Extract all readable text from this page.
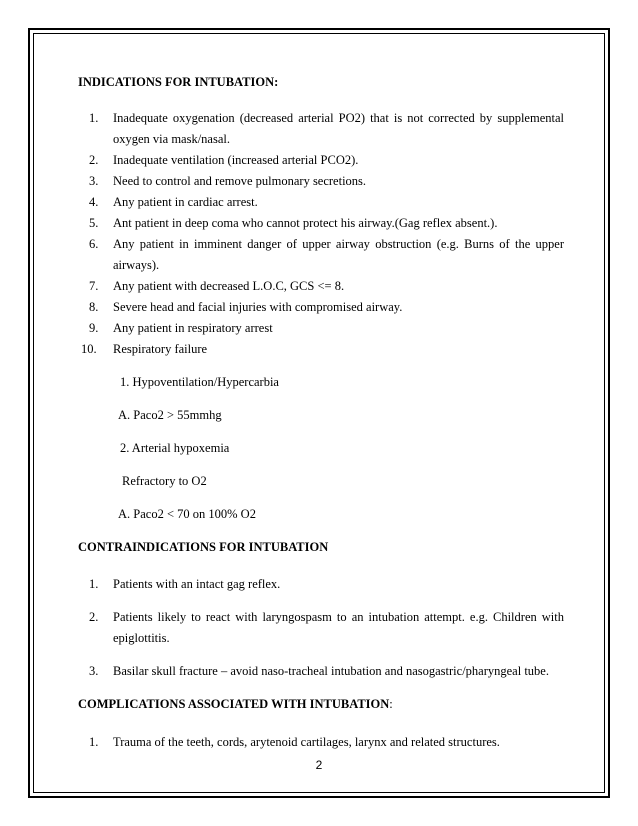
INDICATIONS FOR INTUBATION:
1. Inadequate oxygenation (decreased arterial PO2) that is not corrected by supplemental oxygen via mask/nasal.
2. Inadequate ventilation (increased arterial PCO2).
3. Need to control and remove pulmonary secretions.
4. Any patient in cardiac arrest.
5. Ant patient in deep coma who cannot protect his airway.(Gag reflex absent.).
6. Any patient in imminent danger of upper airway obstruction (e.g. Burns of the upper airways).
7. Any patient with decreased L.O.C, GCS <= 8.
8. Severe head and facial injuries with compromised airway.
9. Any patient in respiratory arrest
10. Respiratory failure
1. Hypoventilation/Hypercarbia
A. Paco2 > 55mmhg
2. Arterial hypoxemia
Refractory to O2
A. Paco2 < 70 on 100% O2
CONTRAINDICATIONS FOR INTUBATION
1. Patients with an intact gag reflex.
2. Patients likely to react with laryngospasm to an intubation attempt. e.g. Children with epiglottitis.
3. Basilar skull fracture – avoid naso-tracheal intubation and nasogastric/pharyngeal tube.
COMPLICATIONS ASSOCIATED WITH INTUBATION:
1. Trauma of the teeth, cords, arytenoid cartilages, larynx and related structures.
2
